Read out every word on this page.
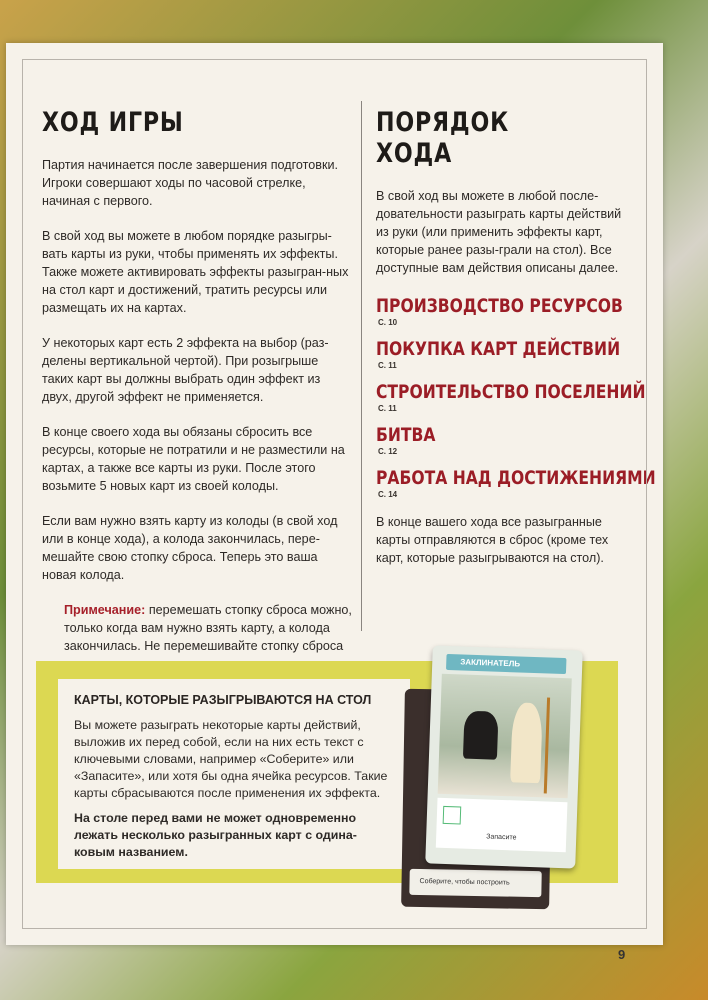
ХОД ИГРЫ

Партия начинается после завершения подготовки. Игроки совершают ходы по часовой стрелке, начиная с первого.

В свой ход вы можете в любом порядке разыгры-вать карты из руки, чтобы применять их эффекты. Также можете активировать эффекты разыгран-ных на стол карт и достижений, тратить ресурсы или размещать их на картах.

У некоторых карт есть 2 эффекта на выбор (раз-делены вертикальной чертой). При розыгрыше таких карт вы должны выбрать один эффект из двух, другой эффект не применяется.

В конце своего хода вы обязаны сбросить все ресурсы, которые не потратили и не разместили на картах, а также все карты из руки. После этого возьмите 5 новых карт из своей колоды.

Если вам нужно взять карту из колоды (в свой ход или в конце хода), а колода закончилась, пере-мешайте свою стопку сброса. Теперь это ваша новая колода.

Примечание: перемешать стопку сброса можно, только когда вам нужно взять карту, а колода закончилась. Не перемешивайте стопку сброса

ПОРЯДОК ХОДА

В свой ход вы можете в любой после-довательности разыграть карты действий из руки (или применить эффекты карт, которые ранее разы-грали на стол). Все доступные вам действия описаны далее.

ПРОИЗВОДСТВО РЕСУРСОВ
С. 10
ПОКУПКА КАРТ ДЕЙСТВИЙ
С. 11
СТРОИТЕЛЬСТВО ПОСЕЛЕНИЙ
С. 11
БИТВА
С. 12
РАБОТА НАД ДОСТИЖЕНИЯМИ
С. 14

В конце вашего хода все разыгранные карты отправляются в сброс (кроме тех карт, которые разыгрываются на стол).

9
КАРТЫ, КОТОРЫЕ РАЗЫГРЫВАЮТСЯ НА СТОЛ

Вы можете разыграть некоторые карты действий, выложив их перед собой, если на них есть текст с ключевыми словами, например «Соберите» или «Запасите», или хотя бы одна ячейка ресурсов. Такие карты сбрасываются после применения их эффекта.

На столе перед вами не может одновременно лежать несколько разыгранных карт с одина-ковым названием.

Соберите, чтобы построить
ЗАКЛИНАТЕЛЬ
Запасите
